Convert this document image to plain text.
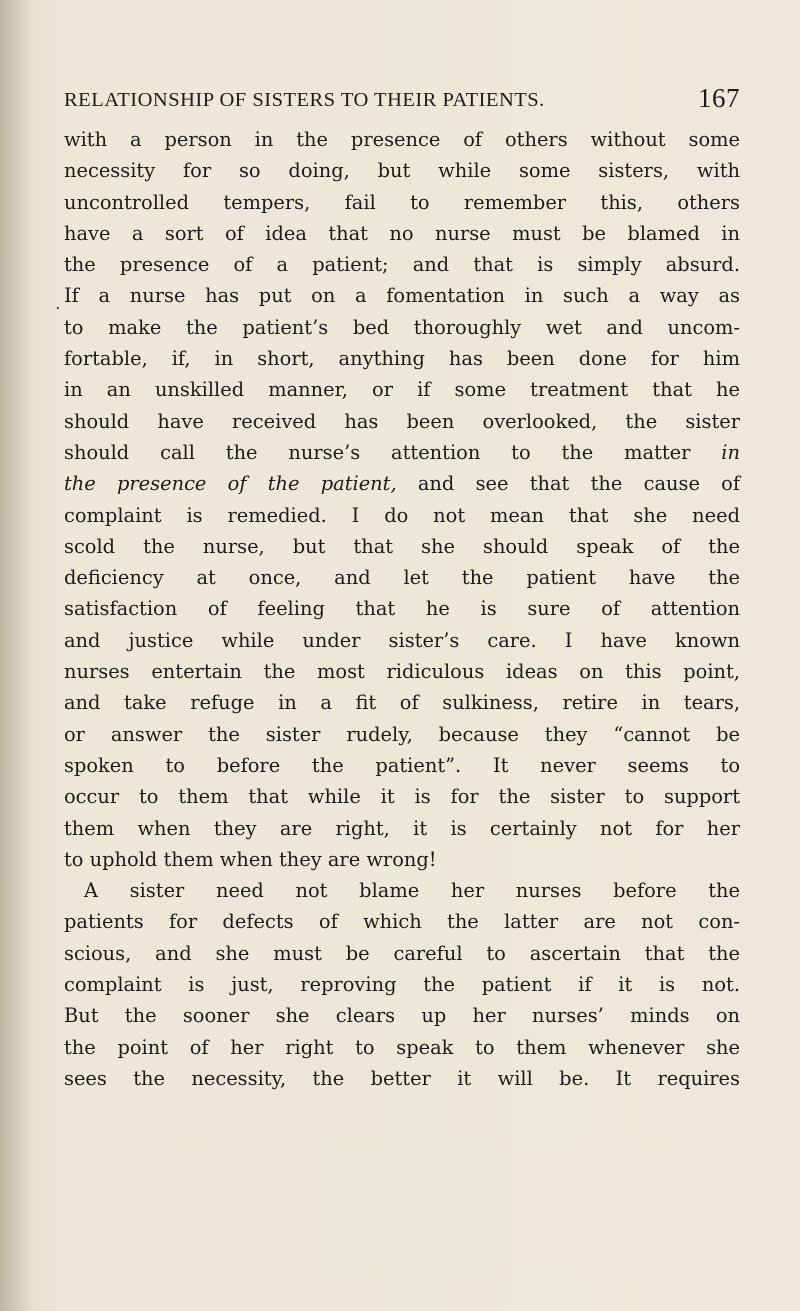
RELATIONSHIP OF SISTERS TO THEIR PATIENTS.	167
.
with a person in the presence of others without some
necessity for so doing, but while some sisters, with
uncontrolled tempers, fail to remember this, others
have a sort of idea that no nurse must be blamed in
the presence of a patient; and that is simply absurd.
If a nurse has put on a fomentation in such a way as
to make the patient’s bed thoroughly wet and uncom-
fortable, if, in short, anything has been done for him
in an unskilled manner, or if some treatment that he
should have received has been overlooked, the sister
should call the nurse’s attention to the matter in
the presence of the patient, and see that the cause of
complaint is remedied. I do not mean that she need
scold the nurse, but that she should speak of the
deficiency at once, and let the patient have the
satisfaction of feeling that he is sure of attention
and justice while under sister’s care. I have known
nurses entertain the most ridiculous ideas on this point,
and take refuge in a fit of sulkiness, retire in tears,
or answer the sister rudely, because they “cannot be
spoken to before the patient”. It never seems to
occur to them that while it is for the sister to support
them when they are right, it is certainly not for her
to uphold them when they are wrong!
A sister need not blame her nurses before the
patients for defects of which the latter are not con-
scious, and she must be careful to ascertain that the
complaint is just, reproving the patient if it is not.
But the sooner she clears up her nurses’ minds on
the point of her right to speak to them whenever she
sees the necessity, the better it will be. It requires
